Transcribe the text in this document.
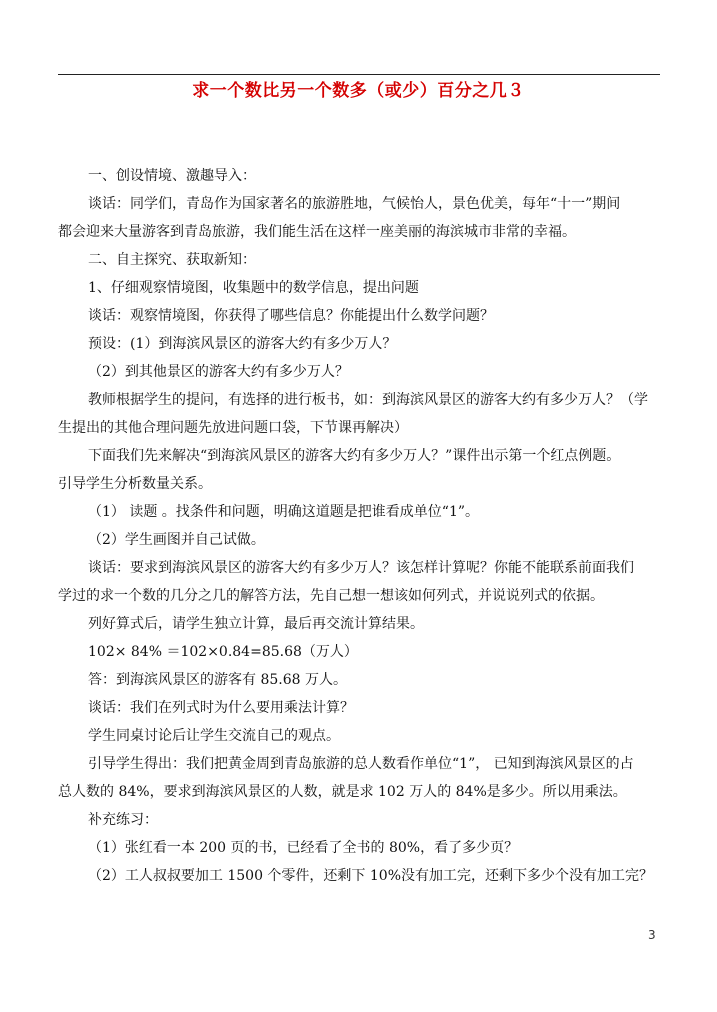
求一个数比另一个数多（或少）百分之几３

一、创设情境、激趣导入：

谈话：同学们，青岛作为国家著名的旅游胜地，气候怡人，景色优美，每年“十一”期间

都会迎来大量游客到青岛旅游，我们能生活在这样一座美丽的海滨城市非常的幸福。

二、自主探究、获取新知：

1、仔细观察情境图，收集题中的数学信息，提出问题

谈话：观察情境图，你获得了哪些信息？你能提出什么数学问题？

预设：(1）到海滨风景区的游客大约有多少万人？

（2）到其他景区的游客大约有多少万人？

教师根据学生的提问，有选择的进行板书，如：到海滨风景区的游客大约有多少万人？（学

生提出的其他合理问题先放进问题口袋，下节课再解决）

下面我们先来解决“到海滨风景区的游客大约有多少万人？”课件出示第一个红点例题。

引导学生分析数量关系。

（1） 读题 。找条件和问题，明确这道题是把谁看成单位“1”。

（2）学生画图并自己试做。

谈话：要求到海滨风景区的游客大约有多少万人？该怎样计算呢？你能不能联系前面我们

学过的求一个数的几分之几的解答方法，先自己想一想该如何列式，并说说列式的依据。

列好算式后，请学生独立计算，最后再交流计算结果。

102× 84% ＝102×0.84=85.68（万人）

答：到海滨风景区的游客有 85.68 万人。

谈话：我们在列式时为什么要用乘法计算？

学生同桌讨论后让学生交流自己的观点。

引导学生得出：我们把黄金周到青岛旅游的总人数看作单位“1”， 已知到海滨风景区的占

总人数的 84%，要求到海滨风景区的人数，就是求 102 万人的 84%是多少。所以用乘法。

补充练习：

（1）张红看一本 200 页的书，已经看了全书的 80%，看了多少页？

（2）工人叔叔要加工 1500 个零件，还剩下 10%没有加工完，还剩下多少个没有加工完？

3
